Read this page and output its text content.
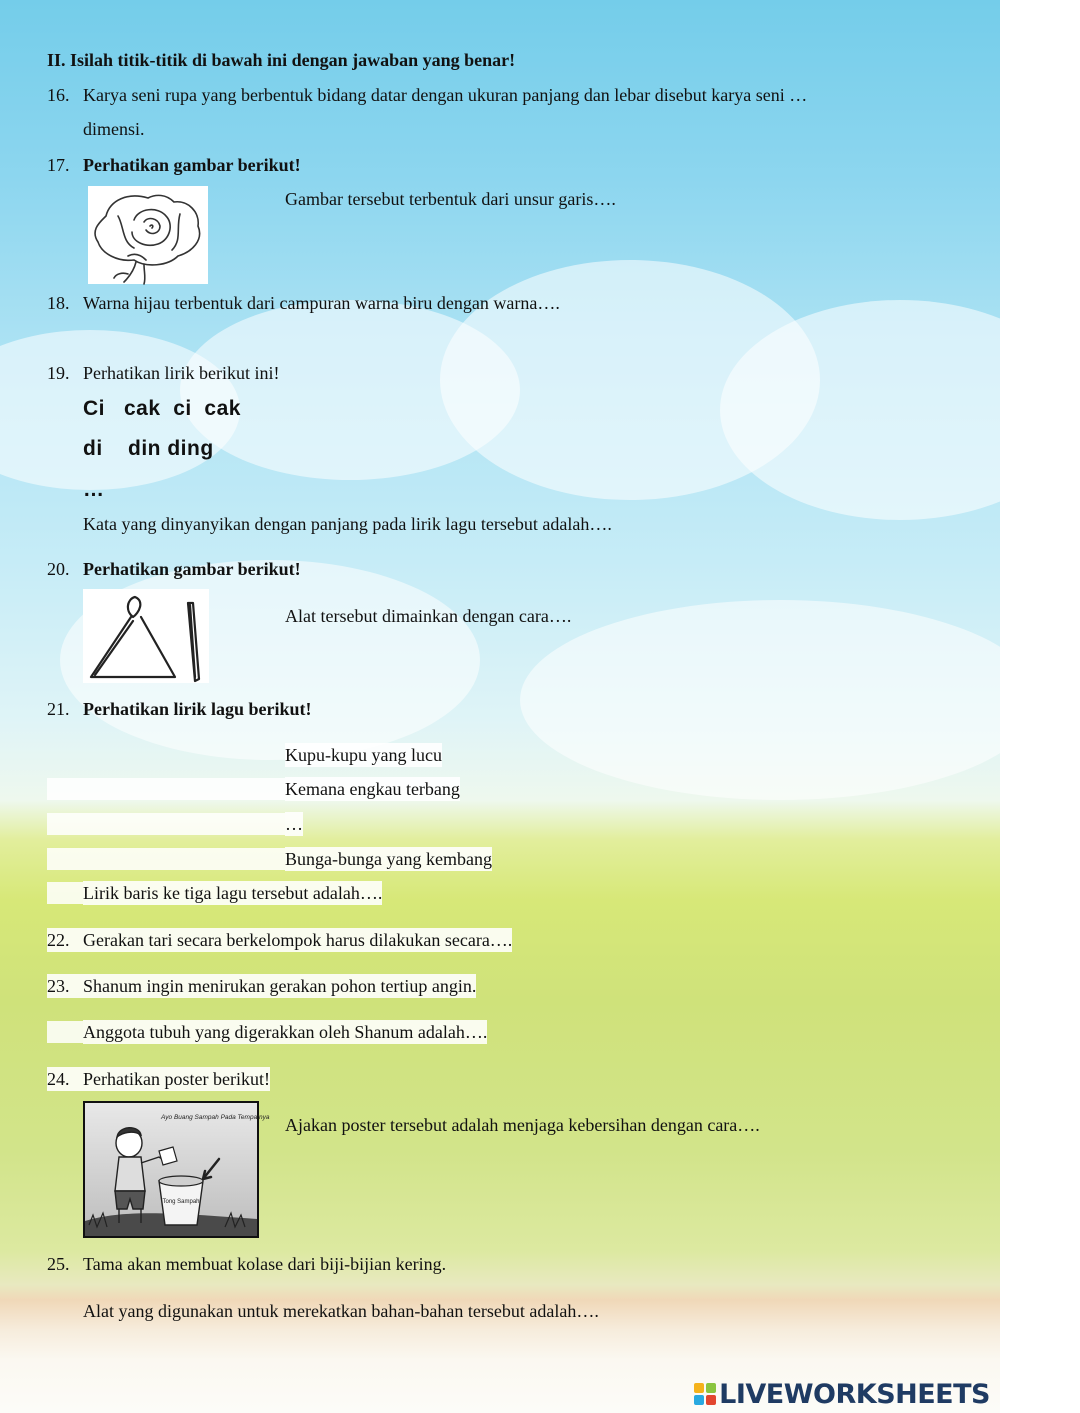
II. Isilah titik-titik di bawah ini dengan jawaban yang benar!
16. Karya seni rupa yang berbentuk bidang datar dengan ukuran panjang dan lebar disebut karya seni …
dimensi.
17. Perhatikan gambar berikut!
Gambar tersebut terbentuk dari unsur garis….
18. Warna hijau terbentuk dari campuran warna biru dengan warna….
19. Perhatikan lirik berikut ini!
Ci   cak  ci  cak
di    din ding
…
Kata yang dinyanyikan dengan panjang pada lirik lagu tersebut adalah….
20. Perhatikan gambar berikut!
Alat tersebut dimainkan dengan cara….
21. Perhatikan lirik lagu berikut!
Kupu-kupu yang lucu
Kemana engkau terbang
…
Bunga-bunga yang kembang
Lirik baris ke tiga lagu tersebut adalah….
22. Gerakan tari secara berkelompok harus dilakukan secara….
23. Shanum ingin menirukan gerakan pohon tertiup angin.
Anggota tubuh yang digerakkan oleh Shanum adalah….
24. Perhatikan poster berikut!
Tong Sampah
Ayo Buang Sampah Pada Tempatnya Ajakan poster tersebut adalah menjaga kebersihan dengan cara….
25. Tama akan membuat kolase dari biji-bijian kering.
Alat yang digunakan untuk merekatkan bahan-bahan tersebut adalah….
LIVEWORKSHEETS
